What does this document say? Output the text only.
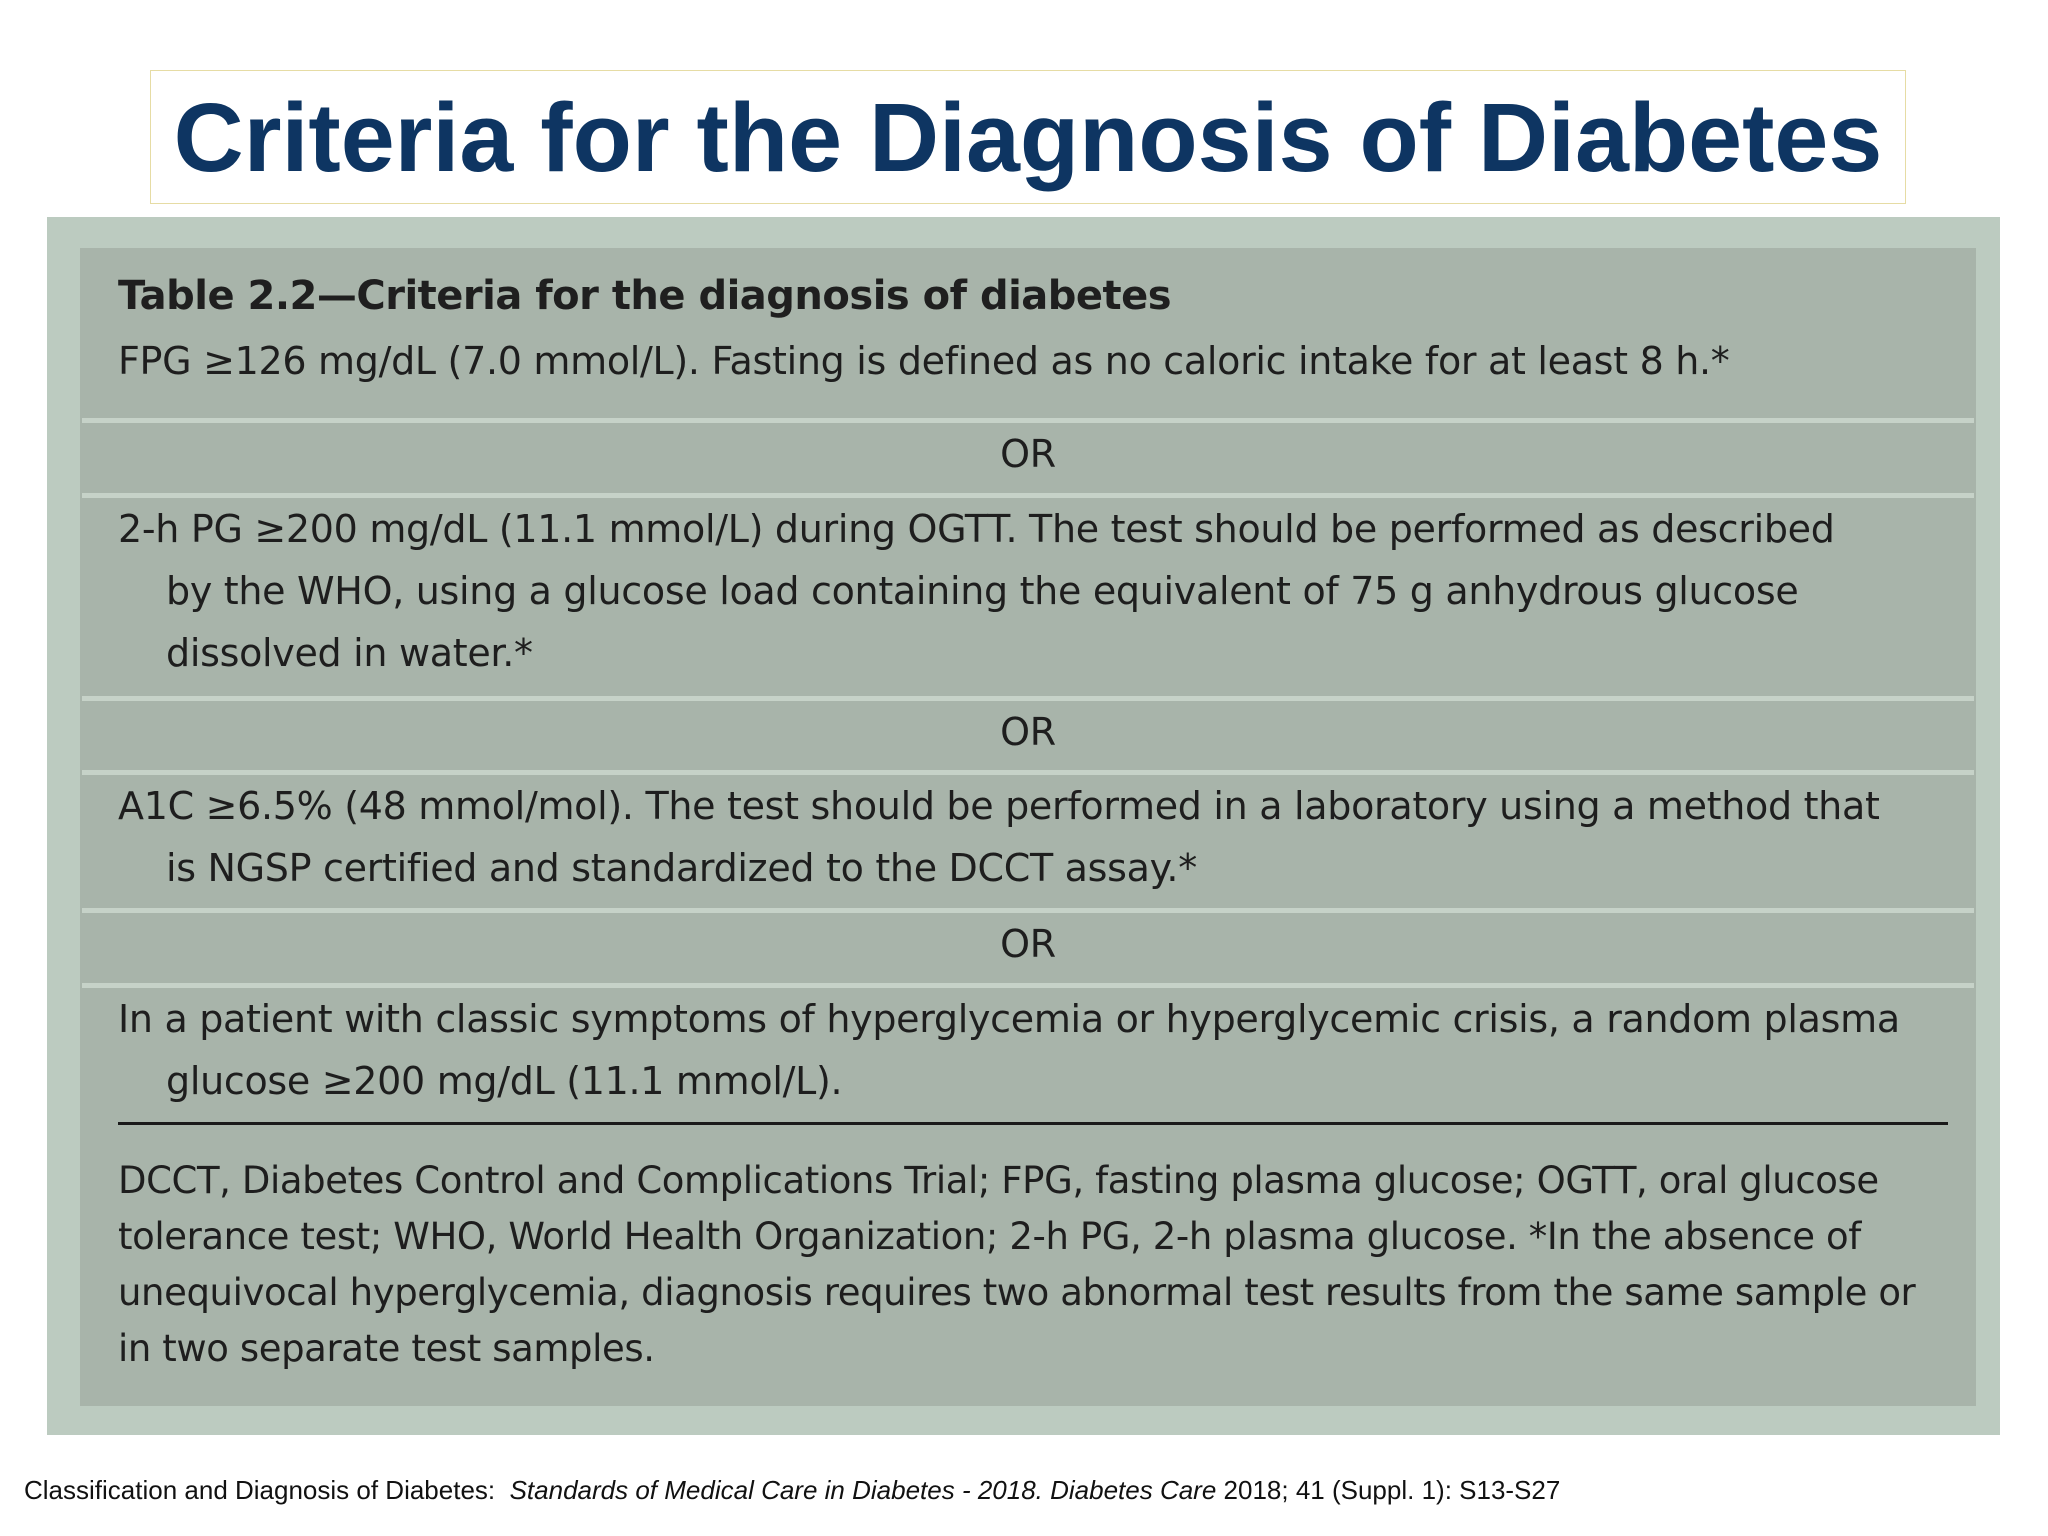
Criteria for the Diagnosis of Diabetes
Table 2.2—Criteria for the diagnosis of diabetes

FPG ≥126 mg/dL (7.0 mmol/L). Fasting is defined as no caloric intake for at least 8 h.*

OR

2-h PG ≥200 mg/dL (11.1 mmol/L) during OGTT. The test should be performed as described
by the WHO, using a glucose load containing the equivalent of 75 g anhydrous glucose
dissolved in water.*

OR

A1C ≥6.5% (48 mmol/mol). The test should be performed in a laboratory using a method that
is NGSP certified and standardized to the DCCT assay.*

OR

In a patient with classic symptoms of hyperglycemia or hyperglycemic crisis, a random plasma
glucose ≥200 mg/dL (11.1 mmol/L).

DCCT, Diabetes Control and Complications Trial; FPG, fasting plasma glucose; OGTT, oral glucose tolerance test; WHO, World Health Organization; 2-h PG, 2-h plasma glucose. *In the absence of unequivocal hyperglycemia, diagnosis requires two abnormal test results from the same sample or in two separate test samples.

Classification and Diagnosis of Diabetes:  Standards of Medical Care in Diabetes - 2018. Diabetes Care 2018; 41 (Suppl. 1): S13-S27
